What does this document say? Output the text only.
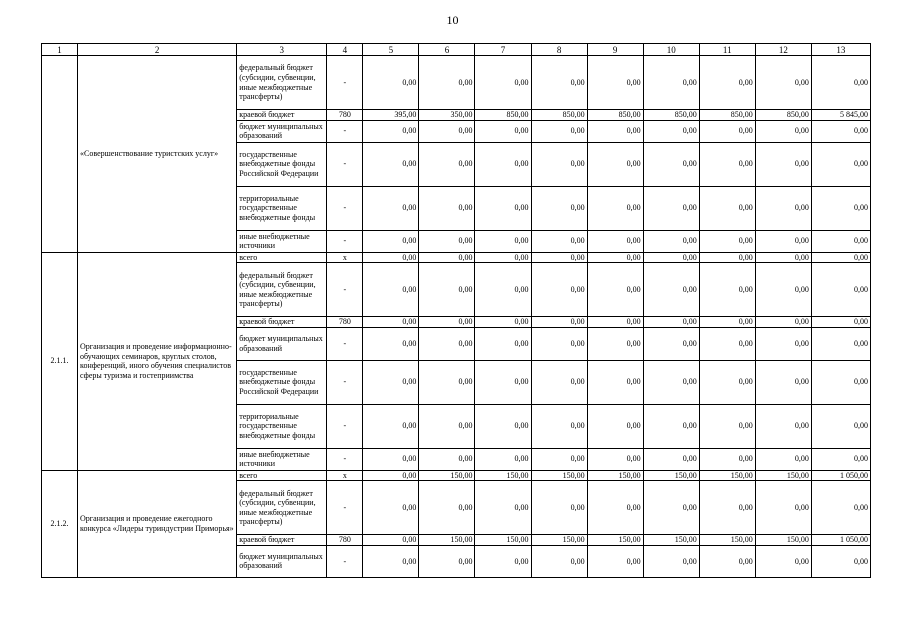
10
1	2	3	4	5	6	7	8	9	10	11	12	13
	«Совершенствование туристских услуг»	федеральный бюджет (субсидии, субвенции, иные межбюджетные трансферты)	-	0,00	0,00	0,00	0,00	0,00	0,00	0,00	0,00	0,00
		краевой бюджет	780	395,00	350,00	850,00	850,00	850,00	850,00	850,00	850,00	5 845,00
		бюджет муниципальных образований	-	0,00	0,00	0,00	0,00	0,00	0,00	0,00	0,00	0,00
		государственные внебюджетные фонды Российской Федерации	-	0,00	0,00	0,00	0,00	0,00	0,00	0,00	0,00	0,00
		территориальные государственные внебюджетные фонды	-	0,00	0,00	0,00	0,00	0,00	0,00	0,00	0,00	0,00
		иные внебюджетные источники	-	0,00	0,00	0,00	0,00	0,00	0,00	0,00	0,00	0,00
2.1.1.	Организация и проведение информационно-обучающих семинаров, круглых столов, конференций, иного обучения специалистов сферы туризма и гостеприимства	всего	x	0,00	0,00	0,00	0,00	0,00	0,00	0,00	0,00	0,00
		федеральный бюджет (субсидии, субвенции, иные межбюджетные трансферты)	-	0,00	0,00	0,00	0,00	0,00	0,00	0,00	0,00	0,00
		краевой бюджет	780	0,00	0,00	0,00	0,00	0,00	0,00	0,00	0,00	0,00
		бюджет муниципальных образований	-	0,00	0,00	0,00	0,00	0,00	0,00	0,00	0,00	0,00
		государственные внебюджетные фонды Российской Федерации	-	0,00	0,00	0,00	0,00	0,00	0,00	0,00	0,00	0,00
		территориальные государственные внебюджетные фонды	-	0,00	0,00	0,00	0,00	0,00	0,00	0,00	0,00	0,00
		иные внебюджетные источники	-	0,00	0,00	0,00	0,00	0,00	0,00	0,00	0,00	0,00
2.1.2.	Организация и проведение ежегодного конкурса «Лидеры туриндустрии Приморья»	всего	x	0,00	150,00	150,00	150,00	150,00	150,00	150,00	150,00	1 050,00
		федеральный бюджет (субсидии, субвенции, иные межбюджетные трансферты)	-	0,00	0,00	0,00	0,00	0,00	0,00	0,00	0,00	0,00
		краевой бюджет	780	0,00	150,00	150,00	150,00	150,00	150,00	150,00	150,00	1 050,00
		бюджет муниципальных образований	-	0,00	0,00	0,00	0,00	0,00	0,00	0,00	0,00	0,00
